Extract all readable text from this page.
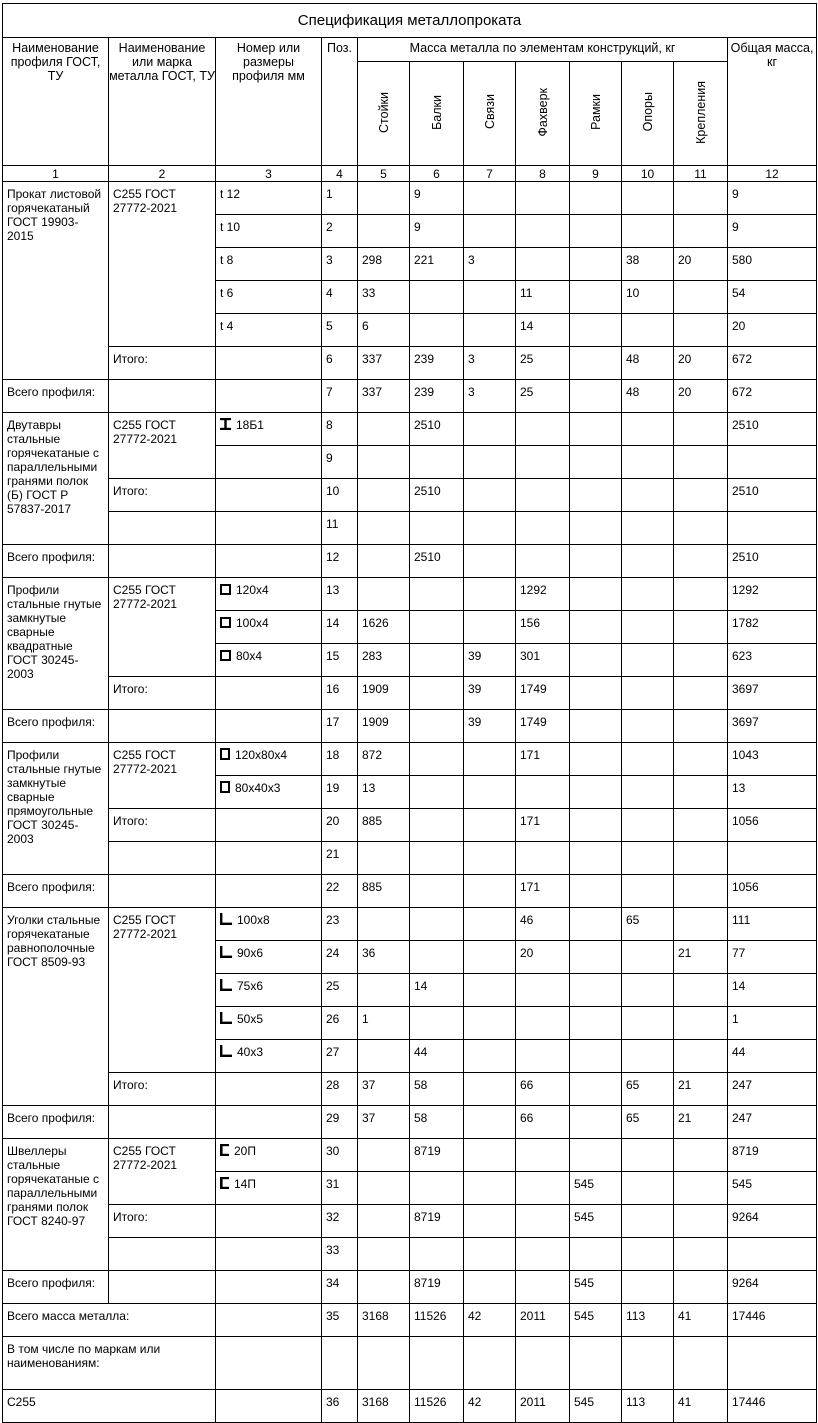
Спецификация металлопроката											
Наименование профиля ГОСТ, ТУ	Наименование или марка металла ГОСТ, ТУ	Номер или размеры профиля мм	Поз.	Масса металла по элементам конструкций, кг							Общая масса, кг
				Стойки	Балки	Связи	Фахверк	Рамки	Опоры	Крепления	
1	2	3	4	5	6	7	8	9	10	11	12
Прокат листовой горячекатаный ГОСТ 19903-2015	С255 ГОСТ 27772-2021	t 12	1		9						9
		t 10	2		9						9
		t 8	3	298	221	3			38	20	580
		t 6	4	33			11		10		54
		t 4	5	6			14				20
	Итого:		6	337	239	3	25		48	20	672
Всего профиля:			7	337	239	3	25		48	20	672
Двутавры стальные горячекатаные с параллельными гранями полок (Б) ГОСТ Р 57837-2017	С255 ГОСТ 27772-2021	18Б1	8		2510						2510
			9								
	Итого:		10		2510						2510
			11								
Всего профиля:			12		2510						2510
Профили стальные гнутые замкнутые сварные квадратные ГОСТ 30245-2003	С255 ГОСТ 27772-2021	120x4	13				1292				1292
		100x4	14	1626			156				1782
		80x4	15	283		39	301				623
	Итого:		16	1909		39	1749				3697
Всего профиля:			17	1909		39	1749				3697
Профили стальные гнутые замкнутые сварные прямоугольные ГОСТ 30245-2003	С255 ГОСТ 27772-2021	120x80x4	18	872			171				1043
		80x40x3	19	13							13
	Итого:		20	885			171				1056
			21								
Всего профиля:			22	885			171				1056
Уголки стальные горячекатаные равнополочные ГОСТ 8509-93	С255 ГОСТ 27772-2021	100x8	23				46		65		111
		90x6	24	36			20			21	77
		75x6	25		14						14
		50x5	26	1							1
		40x3	27		44						44
	Итого:		28	37	58		66		65	21	247
Всего профиля:			29	37	58		66		65	21	247
Швеллеры стальные горячекатаные с параллельными гранями полок ГОСТ 8240-97	С255 ГОСТ 27772-2021	20П	30		8719						8719
		14П	31					545			545
	Итого:		32		8719			545			9264
			33								
Всего профиля:			34		8719			545			9264
Всего масса металла:			35	3168	11526	42	2011	545	113	41	17446
В том числе по маркам или наименованиям:											
С255			36	3168	11526	42	2011	545	113	41	17446
